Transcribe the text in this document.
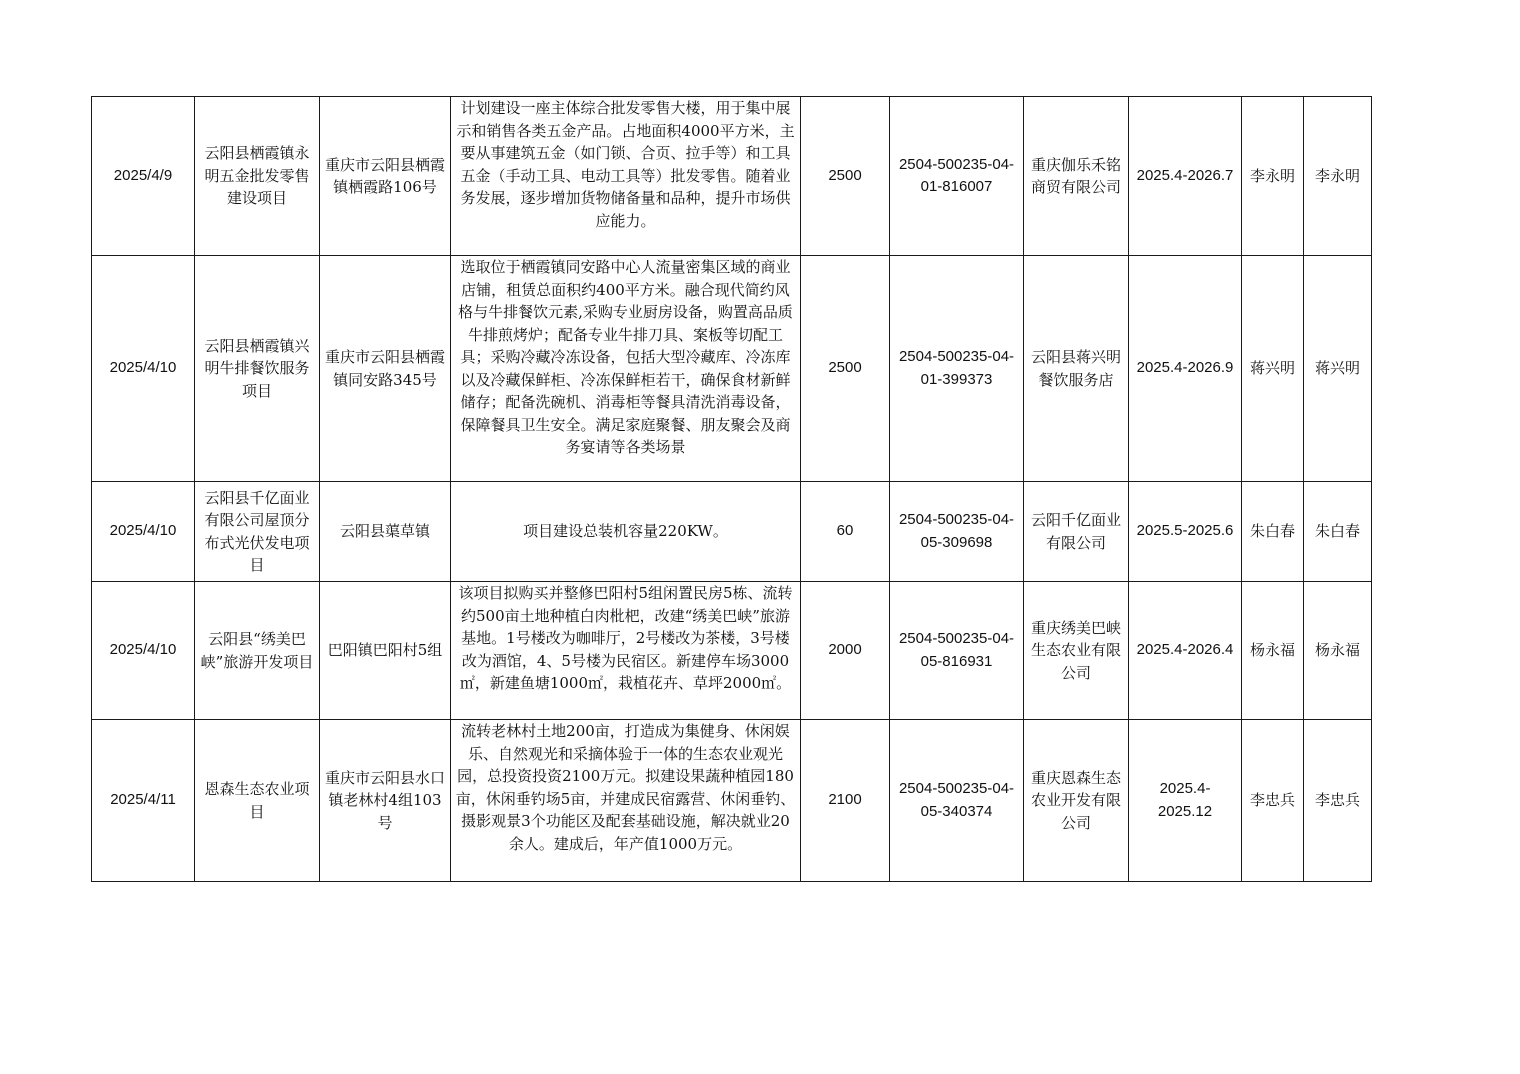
2025/4/9	云阳县栖霞镇永明五金批发零售建设项目	重庆市云阳县栖霞镇栖霞路106号	计划建设一座主体综合批发零售大楼，用于集中展示和销售各类五金产品。占地面积4000平方米，主要从事建筑五金（如门锁、合页、拉手等）和工具五金（手动工具、电动工具等）批发零售。随着业务发展，逐步增加货物储备量和品种，提升市场供应能力。	2500	2504-500235-04-01-816007	重庆伽乐禾铭商贸有限公司	2025.4-2026.7	李永明	李永明
2025/4/10	云阳县栖霞镇兴明牛排餐饮服务项目	重庆市云阳县栖霞镇同安路345号	选取位于栖霞镇同安路中心人流量密集区域的商业店铺，租赁总面积约400平方米。融合现代简约风格与牛排餐饮元素,采购专业厨房设备，购置高品质牛排煎烤炉；配备专业牛排刀具、案板等切配工具；采购冷藏冷冻设备，包括大型冷藏库、冷冻库以及冷藏保鲜柜、冷冻保鲜柜若干，确保食材新鲜储存；配备洗碗机、消毒柜等餐具清洗消毒设备，保障餐具卫生安全。满足家庭聚餐、朋友聚会及商务宴请等各类场景	2500	2504-500235-04-01-399373	云阳县蒋兴明餐饮服务店	2025.4-2026.9	蒋兴明	蒋兴明
2025/4/10	云阳县千亿面业有限公司屋顶分布式光伏发电项目	云阳县蕖草镇	项目建设总装机容量220KW。	60	2504-500235-04-05-309698	云阳千亿面业有限公司	2025.5-2025.6	朱白春	朱白春
2025/4/10	云阳县“绣美巴峡”旅游开发项目	巴阳镇巴阳村5组	该项目拟购买并整修巴阳村5组闲置民房5栋、流转约500亩土地种植白肉枇杷，改建“绣美巴峡”旅游基地。1号楼改为咖啡厅，2号楼改为茶楼，3号楼改为酒馆，4、5号楼为民宿区。新建停车场3000㎡，新建鱼塘1000㎡，栽植花卉、草坪2000㎡。	2000	2504-500235-04-05-816931	重庆绣美巴峡生态农业有限公司	2025.4-2026.4	杨永福	杨永福
2025/4/11	恩森生态农业项目	重庆市云阳县水口镇老林村4组103号	流转老林村土地200亩，打造成为集健身、休闲娱乐、自然观光和采摘体验于一体的生态农业观光园，总投资投资2100万元。拟建设果蔬种植园180亩，休闲垂钓场5亩，并建成民宿露营、休闲垂钓、摄影观景3个功能区及配套基础设施，解决就业20余人。建成后，年产值1000万元。	2100	2504-500235-04-05-340374	重庆恩森生态农业开发有限公司	2025.4-2025.12	李忠兵	李忠兵
